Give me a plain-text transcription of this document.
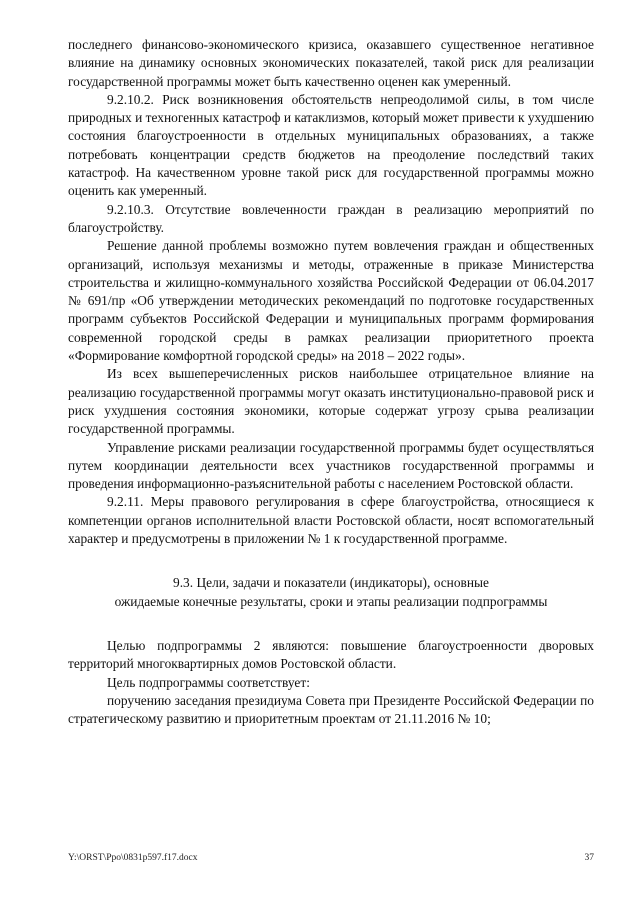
последнего финансово-экономического кризиса, оказавшего существенное негативное влияние на динамику основных экономических показателей, такой риск для реализации государственной программы может быть качественно оценен как умеренный.

9.2.10.2. Риск возникновения обстоятельств непреодолимой силы, в том числе природных и техногенных катастроф и катаклизмов, который может привести к ухудшению состояния благоустроенности в отдельных муниципальных образованиях, а также потребовать концентрации средств бюджетов на преодоление последствий таких катастроф. На качественном уровне такой риск для государственной программы можно оценить как умеренный.

9.2.10.3. Отсутствие вовлеченности граждан в реализацию мероприятий по благоустройству.

Решение данной проблемы возможно путем вовлечения граждан и общественных организаций, используя механизмы и методы, отраженные в приказе Министерства строительства и жилищно-коммунального хозяйства Российской Федерации от 06.04.2017 № 691/пр «Об утверждении методических рекомендаций по подготовке государственных программ субъектов Российской Федерации и муниципальных программ формирования современной городской среды в рамках реализации приоритетного проекта «Формирование комфортной городской среды» на 2018 – 2022 годы».

Из всех вышеперечисленных рисков наибольшее отрицательное влияние на реализацию государственной программы могут оказать институционально-правовой риск и риск ухудшения состояния экономики, которые содержат угрозу срыва реализации государственной программы.

Управление рисками реализации государственной программы будет осуществляться путем координации деятельности всех участников государственной программы и проведения информационно-разъяснительной работы с населением Ростовской области.

9.2.11. Меры правового регулирования в сфере благоустройства, относящиеся к компетенции органов исполнительной власти Ростовской области, носят вспомогательный характер и предусмотрены в приложении № 1 к государственной программе.

9.3. Цели, задачи и показатели (индикаторы), основные
ожидаемые конечные результаты, сроки и этапы реализации подпрограммы

Целью подпрограммы 2 являются: повышение благоустроенности дворовых территорий многоквартирных домов Ростовской области.

Цель подпрограммы соответствует:

поручению заседания президиума Совета при Президенте Российской Федерации по стратегическому развитию и приоритетным проектам от 21.11.2016 № 10;

Y:\ORST\Ppo\0831p597.f17.docx	37
